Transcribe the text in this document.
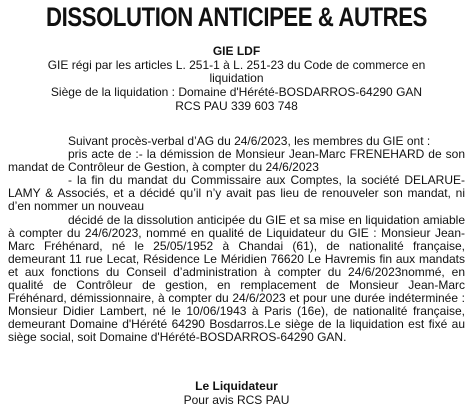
DISSOLUTION ANTICIPEE & AUTRES
GIE LDF
GIE régi par les articles L. 251-1 à L. 251-23 du Code de commerce en liquidation
Siège de la liquidation : Domaine d'Hérété-BOSDARROS-64290 GAN
RCS PAU 339 603 748

Suivant procès-verbal d’AG du 24/6/2023, les membres du GIE ont :

pris acte de :- la démission de Monsieur Jean-Marc FRENEHARD de son mandat de Contrôleur de Gestion, à compter du 24/6/2023

- la fin du mandat du Commissaire aux Comptes, la société DELARUE-LAMY & Associés, et a décidé qu’il n’y avait pas lieu de renouveler son mandat, ni d’en nommer un nouveau

décidé de la dissolution anticipée du GIE et sa mise en liquidation amiable à compter du 24/6/2023, nommé en qualité de Liquidateur du GIE : Monsieur Jean-Marc Fréhénard, né le 25/05/1952 à Chandai (61), de nationalité française, demeurant 11 rue Lecat, Résidence Le Méridien 76620 Le Havremis fin aux mandats et aux fonctions du Conseil d’administration à compter du 24/6/2023nommé, en qualité de Contrôleur de gestion, en remplacement de Monsieur Jean-Marc Fréhénard, démissionnaire, à compter du 24/6/2023 et pour une durée indéterminée : Monsieur Didier Lambert, né le 10/06/1943 à Paris (16e), de nationalité française, demeurant Domaine d'Hérété 64290 Bosdarros.Le siège de la liquidation est fixé au siège social, soit Domaine d'Hérété-BOSDARROS-64290 GAN.

Le Liquidateur
Pour avis RCS PAU
